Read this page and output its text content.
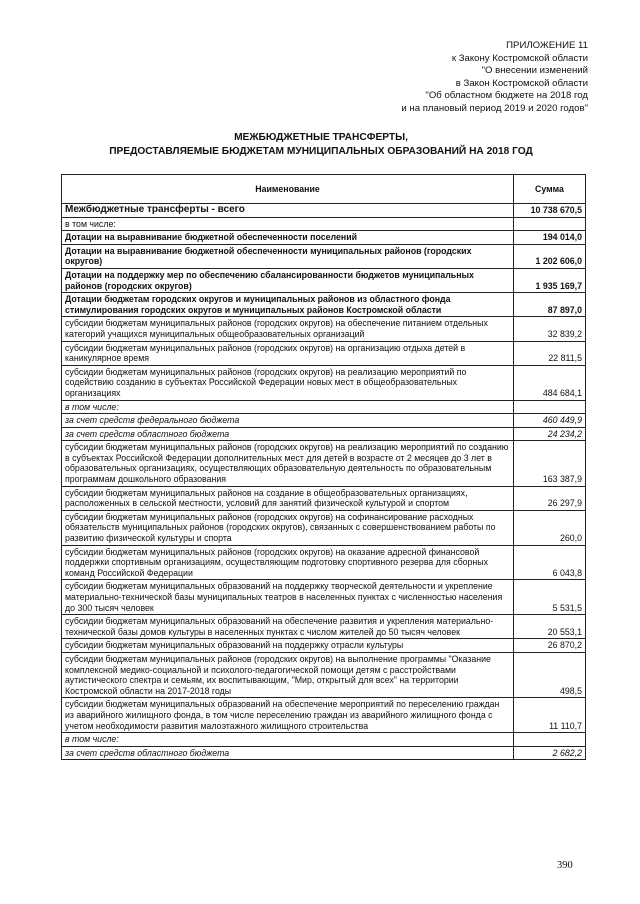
ПРИЛОЖЕНИЕ 11
к Закону Костромской области
"О внесении изменений
в Закон Костромской области
"Об областном бюджете на 2018 год
и на плановый период 2019 и 2020 годов"
МЕЖБЮДЖЕТНЫЕ ТРАНСФЕРТЫ,
ПРЕДОСТАВЛЯЕМЫЕ БЮДЖЕТАМ МУНИЦИПАЛЬНЫХ ОБРАЗОВАНИЙ НА 2018 ГОД
Наименование	Сумма
Межбюджетные трансферты - всего	10 738 670,5
в том числе:	
Дотации на выравнивание бюджетной обеспеченности поселений	194 014,0
Дотации на выравнивание бюджетной обеспеченности муниципальных районов (городских округов)	1 202 606,0
Дотации на поддержку мер по обеспечению сбалансированности бюджетов муниципальных районов (городских округов)	1 935 169,7
Дотации бюджетам городских округов и муниципальных районов из областного фонда стимулирования городских округов и муниципальных районов Костромской области	87 897,0
субсидии бюджетам муниципальных районов (городских округов) на обеспечение питанием отдельных категорий учащихся муниципальных общеобразовательных организаций	32 839,2
субсидии бюджетам муниципальных районов (городских округов) на организацию отдыха детей в каникулярное время	22 811,5
субсидии бюджетам муниципальных районов (городских округов) на реализацию мероприятий по содействию созданию в субъектах Российской Федерации новых мест в общеобразовательных организациях	484 684,1
в том числе:	
за счет средств федерального бюджета	460 449,9
за счет средств областного бюджета	24 234,2
субсидии бюджетам муниципальных районов (городских округов) на реализацию мероприятий по созданию в субъектах Российской Федерации дополнительных мест для детей в возрасте от 2 месяцев до 3 лет в образовательных организациях, осуществляющих образовательную деятельность по образовательным программам дошкольного образования	163 387,9
субсидии бюджетам муниципальных районов на создание в общеобразовательных организациях, расположенных в сельской местности, условий для занятий физической культурой и спортом	26 297,9
субсидии бюджетам муниципальных районов (городских округов) на софинансирование расходных обязательств муниципальных районов (городских округов), связанных с совершенствованием работы по развитию физической культуры и спорта	260,0
субсидии бюджетам муниципальных районов (городских округов) на оказание адресной финансовой поддержки спортивным организациям, осуществляющим подготовку спортивного резерва для сборных команд Российской Федерации	6 043,8
субсидии бюджетам муниципальных образований на поддержку творческой деятельности и укрепление материально-технической базы муниципальных театров в населенных пунктах с численностью населения до 300 тысяч человек	5 531,5
субсидии бюджетам муниципальных образований на обеспечение развития и укрепления материально-технической базы домов культуры в населенных пунктах с числом жителей до 50 тысяч человек	20 553,1
субсидии бюджетам муниципальных образований на поддержку отрасли культуры	26 870,2
субсидии бюджетам муниципальных районов (городских округов) на выполнение программы "Оказание комплексной медико-социальной и психолого-педагогической помощи детям с расстройствами аутистического спектра и семьям, их воспитывающим, "Мир, открытый для всех" на территории Костромской области на 2017-2018 годы	498,5
субсидии бюджетам муниципальных образований на обеспечение мероприятий по переселению граждан из аварийного жилищного фонда, в том числе переселению граждан из аварийного жилищного фонда с учетом необходимости развития малоэтажного жилищного строительства	11 110,7
в том числе:	
за счет средств областного бюджета	2 682,2
390
